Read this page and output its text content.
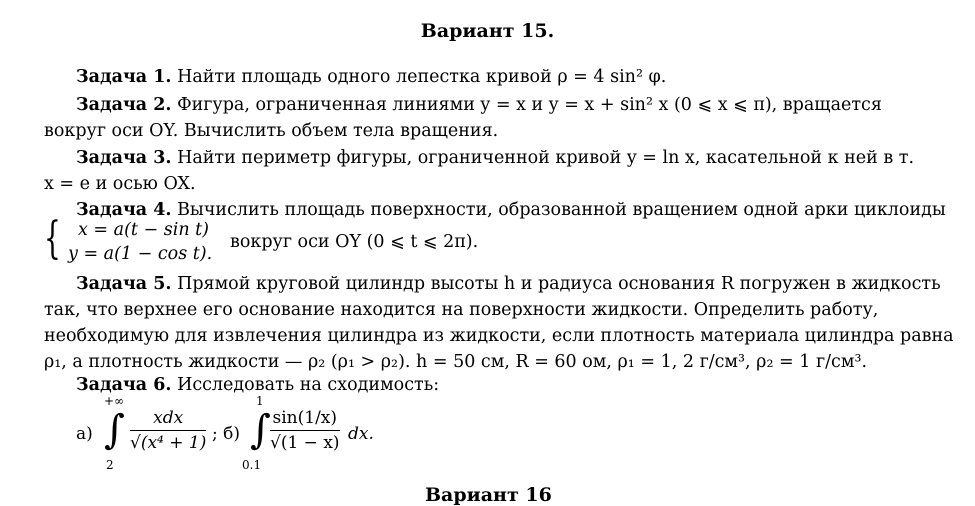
Вариант 15.
Задача 1. Найти площадь одного лепестка кривой ρ = 4 sin² φ.
Задача 2. Фигура, ограниченная линиями y = x и y = x + sin² x (0 ⩽ x ⩽ π), вращается
вокруг оси OY. Вычислить объем тела вращения.
Задача 3. Найти периметр фигуры, ограниченной кривой y = ln x, касательной к ней в т.
x = e и осью OX.
Задача 4. Вычислить площадь поверхности, образованной вращением одной арки циклоиды
{ x = a(t − sin t)
y = a(1 − cos t).
вокруг оси OY (0 ⩽ t ⩽ 2π).
Задача 5. Прямой круговой цилиндр высоты h и радиуса основания R погружен в жидкость
так, что верхнее его основание находится на поверхности жидкости. Определить работу,
необходимую для извлечения цилиндра из жидкости, если плотность материала цилиндра равна
ρ₁, а плотность жидкости — ρ₂ (ρ₁ > ρ₂). h = 50 см, R = 60 ом, ρ₁ = 1, 2 г/см³, ρ₂ = 1 г/см³.
Задача 6. Исследовать на сходимость:
а)
+∞
∫
2
xdx
√(x⁴ + 1) ; б)
1
∫
0.1
$\frac{\sin(1/x)}{√(1 - x)}$ dx.
Вариант 16
